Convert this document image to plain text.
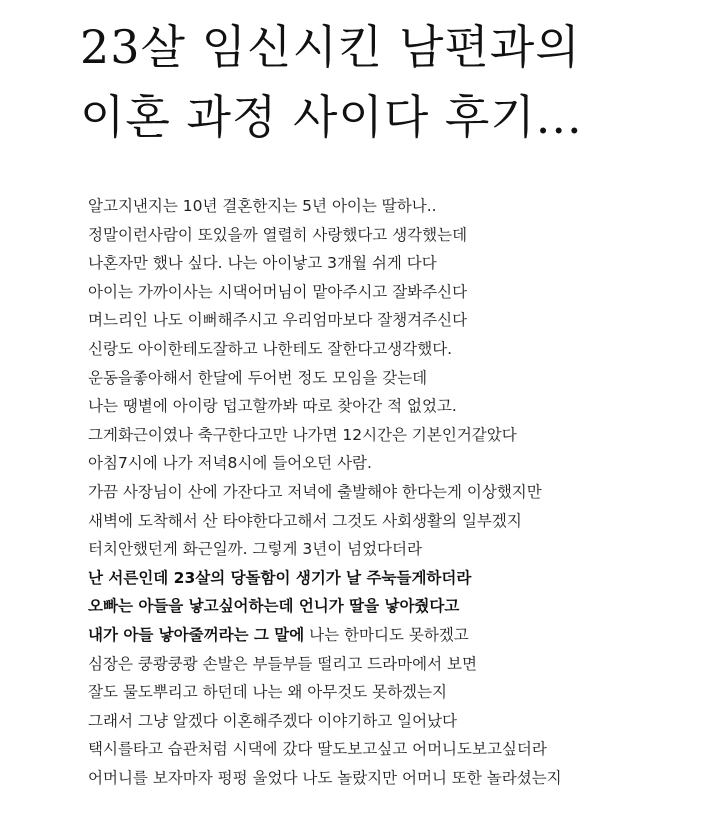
23살 임신시킨 남편과의
이혼 과정 사이다 후기...
알고지낸지는 10년 결혼한지는 5년 아이는 딸하나..
정말이런사람이 또있을까 열렬히 사랑했다고 생각했는데
나혼자만 했나 싶다. 나는 아이낳고 3개월 쉬게 다다
아이는 가까이사는 시댁어머님이 맡아주시고 잘봐주신다
며느리인 나도 이뻐해주시고 우리엄마보다 잘챙겨주신다
신랑도 아이한테도잘하고 나한테도 잘한다고생각했다.
운동을좋아해서 한달에 두어번 정도 모임을 갖는데
나는 땡볕에 아이랑 덥고할까봐 따로 찾아간 적 없었고.
그게화근이였나 축구한다고만 나가면 12시간은 기본인거같았다
아침7시에 나가 저녁8시에 들어오던 사람.
가끔 사장님이 산에 가잔다고 저녁에 출발해야 한다는게 이상했지만
새벽에 도착해서 산 타야한다고해서 그것도 사회생활의 일부겠지
터치안했던게 화근일까. 그렇게 3년이 넘었다더라
난 서른인데 23살의 당돌함이 생기가 날 주눅들게하더라
오빠는 아들을 낳고싶어하는데 언니가 딸을 낳아줬다고
내가 아들 낳아줄꺼라는 그 말에 나는 한마디도 못하겠고
심장은 쿵쾅쿵쾅 손발은 부들부들 떨리고 드라마에서 보면
잘도 물도뿌리고 하던데 나는 왜 아무것도 못하겠는지
그래서 그냥 알겠다 이혼해주겠다 이야기하고 일어났다
택시를타고 습관처럼 시댁에 갔다 딸도보고싶고 어머니도보고싶더라
어머니를 보자마자 펑펑 울었다 나도 놀랐지만 어머니 또한 놀라셨는지
